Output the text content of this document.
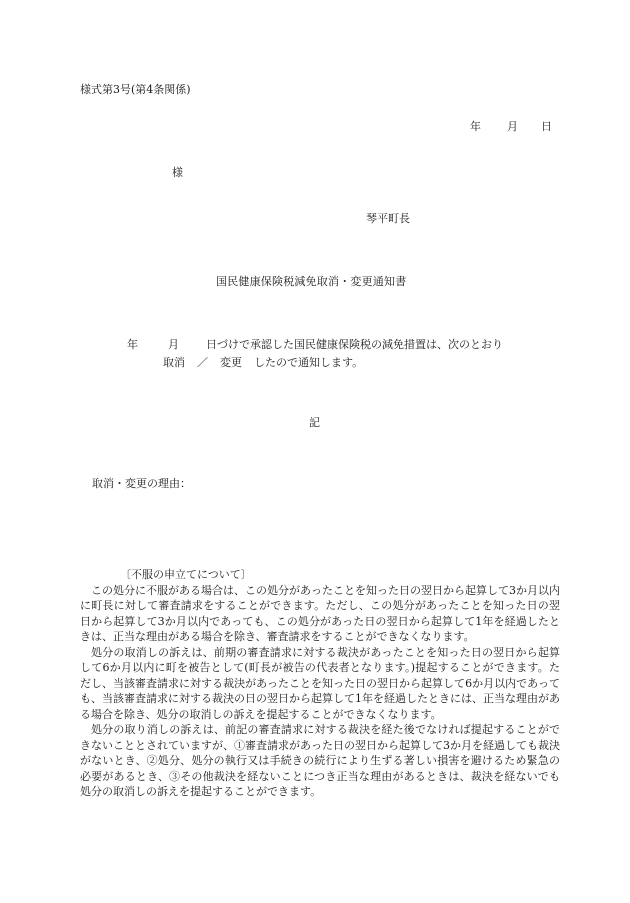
様式第3号(第4条関係)
年 月 日
様
琴平町長
国民健康保険税減免取消・変更通知書
年	月 日づけで承認した国民健康保険税の減免措置は、次のとおり
取消 ／ 変更 したので通知します。
記
取消・変更の理由：
〔不服の申立てについて〕

この処分に不服がある場合は、この処分があったことを知った日の翌日から起算して3か月以内に町長に対して審査請求をすることができます。ただし、この処分があったことを知った日の翌日から起算して3か月以内であっても、この処分があった日の翌日から起算して1年を経過したときは、正当な理由がある場合を除き、審査請求をすることができなくなります。

処分の取消しの訴えは、前期の審査請求に対する裁決があったことを知った日の翌日から起算して6か月以内に町を被告として(町長が被告の代表者となります。)提起することができます。ただし、当該審査請求に対する裁決があったことを知った日の翌日から起算して6か月以内であっても、当該審査請求に対する裁決の日の翌日から起算して1年を経過したときには、正当な理由がある場合を除き、処分の取消しの訴えを提起することができなくなります。

処分の取り消しの訴えは、前記の審査請求に対する裁決を経た後でなければ提起することができないこととされていますが、①審査請求があった日の翌日から起算して3か月を経過しても裁決がないとき、②処分、処分の執行又は手続きの続行により生ずる著しい損害を避けるため緊急の必要があるとき、③その他裁決を経ないことにつき正当な理由があるときは、裁決を経ないでも処分の取消しの訴えを提起することができます。
